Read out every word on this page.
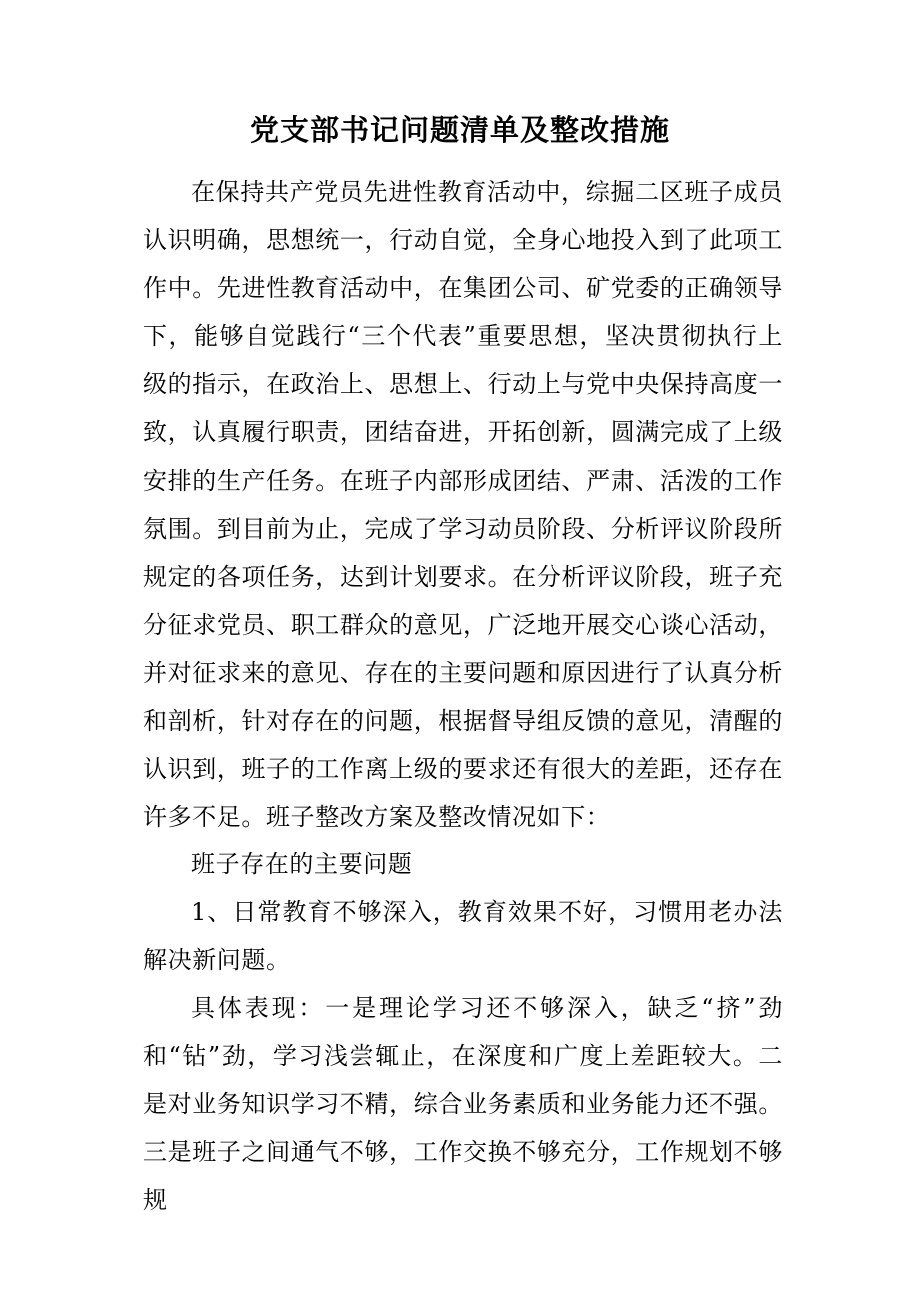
党支部书记问题清单及整改措施

在保持共产党员先进性教育活动中，综掘二区班子成员认识明确，思想统一，行动自觉，全身心地投入到了此项工作中。先进性教育活动中，在集团公司、矿党委的正确领导下，能够自觉践行“三个代表”重要思想，坚决贯彻执行上级的指示，在政治上、思想上、行动上与党中央保持高度一致，认真履行职责，团结奋进，开拓创新，圆满完成了上级安排的生产任务。在班子内部形成团结、严肃、活泼的工作氛围。到目前为止，完成了学习动员阶段、分析评议阶段所规定的各项任务，达到计划要求。在分析评议阶段，班子充分征求党员、职工群众的意见，广泛地开展交心谈心活动，并对征求来的意见、存在的主要问题和原因进行了认真分析和剖析，针对存在的问题，根据督导组反馈的意见，清醒的认识到，班子的工作离上级的要求还有很大的差距，还存在许多不足。班子整改方案及整改情况如下：

班子存在的主要问题

1、日常教育不够深入，教育效果不好，习惯用老办法解决新问题。

具体表现：一是理论学习还不够深入，缺乏“挤”劲和“钻”劲，学习浅尝辄止，在深度和广度上差距较大。二是对业务知识学习不精，综合业务素质和业务能力还不强。三是班子之间通气不够，工作交换不够充分，工作规划不够规
